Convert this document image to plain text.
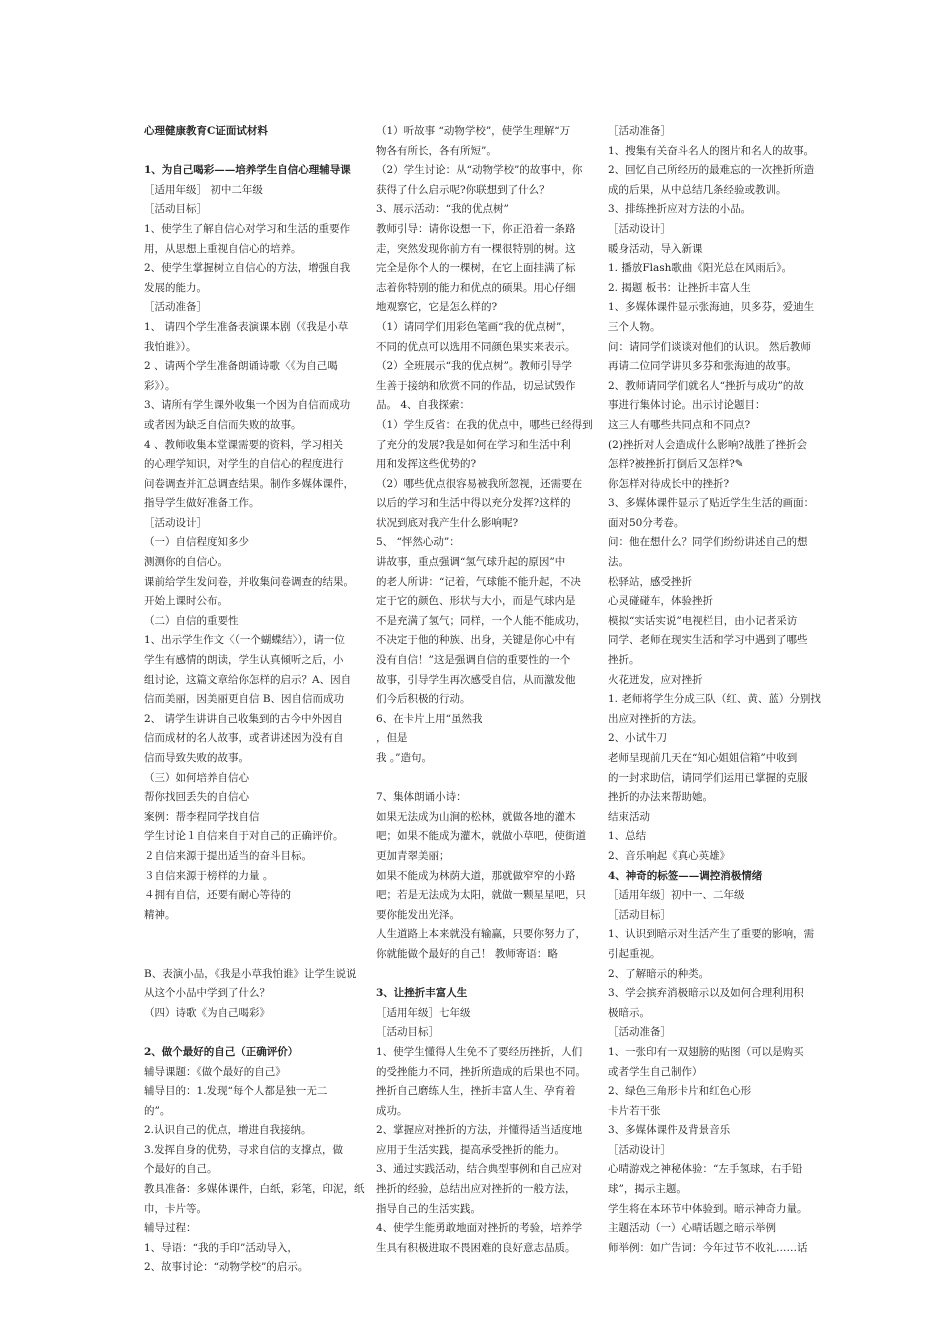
心理健康教育C证面试材料
1、为自己喝彩——培养学生自信心理辅导课
［适用年级］ 初中二年级
［活动目标］
1、使学生了解自信心对学习和生活的重要作
用，从思想上重视自信心的培养。
2、使学生掌握树立自信心的方法，增强自我
发展的能力。
［活动准备］
1、 请四个学生准备表演课本剧（《我是小草
我怕谁》）。
2 、请两个学生准备朗诵诗歌〈《为自己喝
彩》）。
3、请所有学生课外收集一个因为自信而成功
或者因为缺乏自信而失败的故事。
4 、教师收集本堂课需要的资料，学习相关
的心理学知识，对学生的自信心的程度进行
问卷调查并汇总调查结果。制作多媒体课件，
指导学生做好准备工作。
［活动设计］
（一）自信程度知多少
测测你的自信心。
课前给学生发问卷，并收集问卷调查的结果。
开始上课时公布。
（二）自信的重要性
1、出示学生作文〈（一个蝴蝶结〉），请一位
学生有感情的朗读，学生认真倾听之后，小
组讨论，这篇文章给你怎样的启示？A、因自
信而美丽，因美丽更自信 B、因自信而成功
2、 请学生讲讲自己收集到的古今中外因自
信而成材的名人故事，或者讲述因为没有自
信而导致失败的故事。
（三）如何培养自信心
帮你找回丢失的自信心
案例：帮李程同学找自信
学生讨论１自信来自于对自己的正确评价。
２自信来源于提出适当的奋斗目标。
３自信来源于榜样的力量 。
４拥有自信，还要有耐心等待的
精神。
B、表演小品，《我是小草我怕谁》让学生说说
从这个小品中学到了什么？
（四）诗歌《为自己喝彩》
2、做个最好的自己（正确评价）
辅导课题：《做个最好的自己》
辅导目的：1.发现“每个人都是独一无二
的”。
2.认识自己的优点，增进自我接纳。
3.发挥自身的优势，寻求自信的支撑点，做
个最好的自己。
教具准备：多媒体课件，白纸，彩笔，印泥，纸
巾，卡片等。
辅导过程：
1、导语：“我的手印”活动导入，
2、故事讨论：“动物学校”的启示。
（1）听故事 “动物学校”，使学生理解“万
物各有所长，各有所短”。
（2）学生讨论：从“动物学校”的故事中，你
获得了什么启示呢?你联想到了什么？
3、展示活动：“我的优点树”
教师引导：请你设想一下，你正沿着一条路
走，突然发现你前方有一棵很特别的树。这
完全是你个人的一棵树，在它上面挂满了标
志着你特别的能力和优点的硕果。用心仔细
地观察它，它是怎么样的?
（1）请同学们用彩色笔画“我的优点树”，
不同的优点可以选用不同颜色果实来表示。
（2）全班展示“我的优点树”。教师引导学
生善于接纳和欣赏不同的作品，切忌试毁作
品。 4、自我探索：
（1）学生反省：在我的优点中，哪些已经得到
了充分的发展?我是如何在学习和生活中利
用和发挥这些优势的?
（2）哪些优点很容易被我所忽视，还需要在
以后的学习和生活中得以充分发挥?这样的
状况到底对我产生什么影响呢?
5、 “怦然心动”：
讲故事，重点强调“氢气球升起的原因”中
的老人所讲：“记着，气球能不能升起，不决
定于它的颜色、形状与大小，而是气球内是
不是充满了氢气；同样，一个人能不能成功，
不决定于他的种族、出身，关键是你心中有
没有自信！”这是强调自信的重要性的一个
故事，引导学生再次感受自信，从而激发他
们今后积极的行动。
6、在卡片上用“虽然我
，但是
我 。”造句。
7、集体朗诵小诗：
如果无法成为山涧的松林，就做各地的灌木
吧；如果不能成为灌木，就做小草吧，使街道
更加青翠美丽；
如果不能成为林荫大道，那就做窄窄的小路
吧；若是无法成为太阳，就做一颗星星吧，只
要你能发出光泽。
人生道路上本来就没有输赢，只要你努力了，
你就能做个最好的自己！ 教师寄语：略
3、让挫折丰富人生
［适用年级］七年级
［活动目标］
1、使学生懂得人生免不了要经历挫折，人们
的受挫能力不同，挫折所造成的后果也不同。
挫折自己磨练人生，挫折丰富人生、孕育着
成功。
2、掌握应对挫折的方法，并懂得适当适度地
应用于生活实践，提高承受挫折的能力。
3、通过实践活动，结合典型事例和自己应对
挫折的经验，总结出应对挫折的一般方法，
指导自己的生活实践。
4、使学生能勇敢地面对挫折的考验，培养学
生具有积极进取不畏困难的良好意志品质。
［活动准备］
1、搜集有关奋斗名人的图片和名人的故事。
2、回忆自己所经历的最难忘的一次挫折所造
成的后果，从中总结几条经验或教训。
3、排练挫折应对方法的小品。
［活动设计］
暖身活动，导入新课
1. 播放Flash歌曲《阳光总在风雨后》。
2. 揭题 板书：让挫折丰富人生
1、多媒体课件显示张海迪，贝多芬，爱迪生
三个人物。
问：请同学们谈谈对他们的认识。 然后教师
再请二位同学讲贝多芬和张海迪的故事。
2、教师请同学们就名人“挫折与成功”的故
事进行集体讨论。出示讨论题目：
这三人有哪些共同点和不同点?
(2)挫折对人会造成什么影响?战胜了挫折会
怎样?被挫折打倒后又怎样?✎
你怎样对待成长中的挫折?
3、多媒体课件显示了贴近学生生活的画面：
面对50分考卷。
问：他在想什么？同学们纷纷讲述自己的想
法。
松驿站，感受挫折
心灵碰碰车，体验挫折
模拟“实话实说”电视栏目，由小记者采访
同学、老师在现实生活和学习中遇到了哪些
挫折。
火花迸发，应对挫折
1. 老师将学生分成三队（红、黄、蓝）分别找
出应对挫折的方法。
2、小试牛刀
老师呈现前几天在“知心姐姐信箱”中收到
的一封求助信，请同学们运用已掌握的克服
挫折的办法来帮助她。
结束活动
1、总结
2、音乐响起《真心英雄》
4、神奇的标签——调控消极情绪
［适用年级］初中一、二年级
［活动目标］
1、认识到暗示对生活产生了重要的影响，需
引起重视。
2、了解暗示的种类。
3、学会摈弃消极暗示以及如何合理利用积
极暗示。
［活动准备］
1、一张印有一双翅膀的贴图（可以是购买
或者学生自己制作）
2、绿色三角形卡片和红色心形
卡片若干张
3、多媒体课件及背景音乐
［活动设计］
心晴游戏之神秘体验：“左手氢球，右手铅
球”，揭示主题。
学生将在本环节中体验到。暗示神奇力量。
主题活动（一）心晴话题之暗示举例
师举例：如广告词：今年过节不收礼……话
